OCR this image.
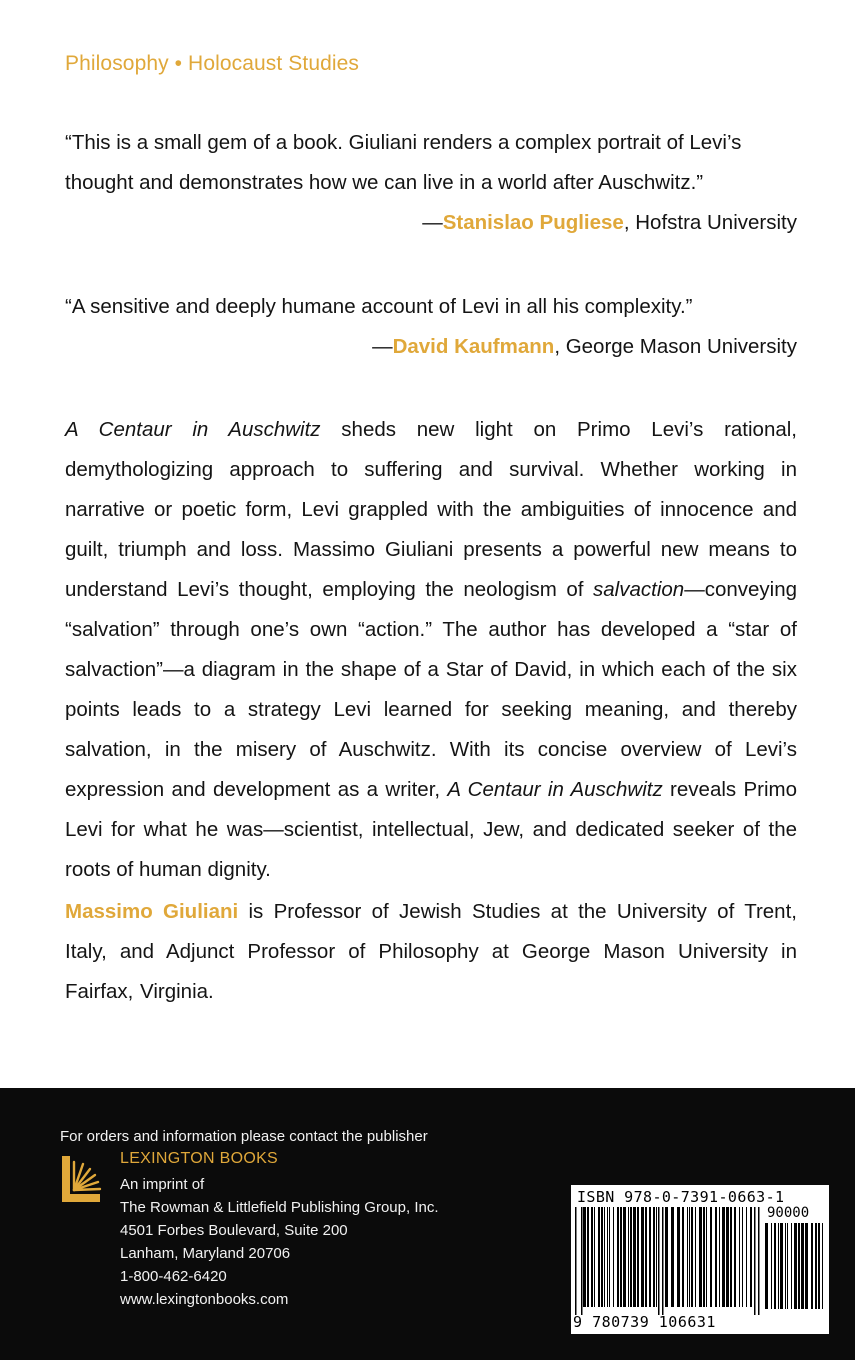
Philosophy • Holocaust Studies

“This is a small gem of a book. Giuliani renders a complex portrait of Levi’s thought and demonstrates how we can live in a world after Auschwitz.”

—Stanislao Pugliese, Hofstra University

“A sensitive and deeply humane account of Levi in all his complexity.”

—David Kaufmann, George Mason University

A Centaur in Auschwitz sheds new light on Primo Levi’s rational, demythologizing approach to suffering and survival. Whether working in narrative or poetic form, Levi grappled with the ambiguities of innocence and guilt, triumph and loss. Massimo Giuliani presents a powerful new means to understand Levi’s thought, employing the neologism of salvaction—conveying “salvation” through one’s own “action.” The author has developed a “star of salvaction”—a diagram in the shape of a Star of David, in which each of the six points leads to a strategy Levi learned for seeking meaning, and thereby salvation, in the misery of Auschwitz. With its concise overview of Levi’s expression and development as a writer, A Centaur in Auschwitz reveals Primo Levi for what he was—scientist, intellectual, Jew, and dedicated seeker of the roots of human dignity.
Massimo Giuliani is Professor of Jewish Studies at the University of Trent, Italy, and Adjunct Professor of Philosophy at George Mason University in Fairfax, Virginia.
For orders and information please contact the publisher
LEXINGTON BOOKS
An imprint of
The Rowman & Littlefield Publishing Group, Inc.
4501 Forbes Boulevard, Suite 200
Lanham, Maryland 20706
1-800-462-6420
www.lexingtonbooks.com
ISBN 978-0-7391-0663-1
90000
9 780739 106631
